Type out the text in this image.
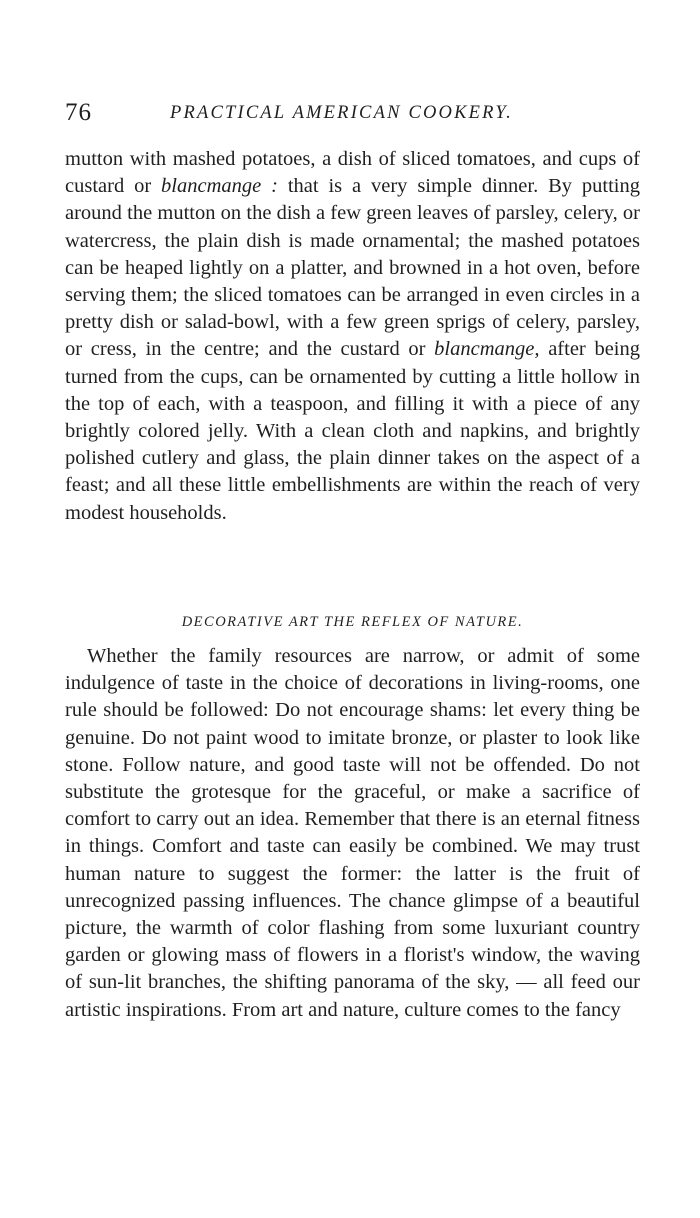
76	PRACTICAL AMERICAN COOKERY.

mutton with mashed potatoes, a dish of sliced tomatoes, and cups of custard or blancmange : that is a very simple dinner. By putting around the mutton on the dish a few green leaves of parsley, celery, or watercress, the plain dish is made ornamental; the mashed potatoes can be heaped lightly on a platter, and browned in a hot oven, before serving them; the sliced tomatoes can be arranged in even circles in a pretty dish or salad-bowl, with a few green sprigs of celery, parsley, or cress, in the centre; and the custard or blancmange, after being turned from the cups, can be ornamented by cutting a little hollow in the top of each, with a teaspoon, and filling it with a piece of any brightly colored jelly. With a clean cloth and napkins, and brightly polished cutlery and glass, the plain dinner takes on the aspect of a feast; and all these little embellishments are within the reach of very modest households.

DECORATIVE ART THE REFLEX OF NATURE.

Whether the family resources are narrow, or admit of some indulgence of taste in the choice of decorations in living-rooms, one rule should be followed: Do not encourage shams: let every thing be genuine. Do not paint wood to imitate bronze, or plaster to look like stone. Follow nature, and good taste will not be offended. Do not substitute the grotesque for the graceful, or make a sacrifice of comfort to carry out an idea. Remember that there is an eternal fitness in things. Comfort and taste can easily be combined. We may trust human nature to suggest the former: the latter is the fruit of unrecognized passing influences. The chance glimpse of a beautiful picture, the warmth of color flashing from some luxuriant country garden or glowing mass of flowers in a florist's window, the waving of sun-lit branches, the shifting panorama of the sky, — all feed our artistic inspirations. From art and nature, culture comes to the fancy
